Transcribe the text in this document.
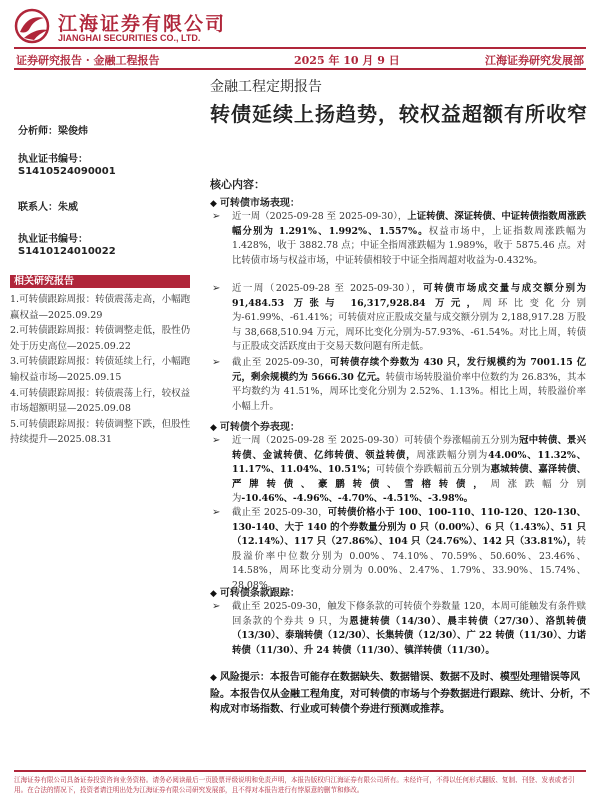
江海证券有限公司
JIANGHAI SECURITIES CO., LTD.
证券研究报告 · 金融工程报告	2025 年 10 月 9 日	江海证券研究发展部
金融工程定期报告
转债延续上扬趋势，较权益超额有所收窄
分析师：梁俊炜
执业证书编号：
S1410524090001
联系人：朱威
执业证书编号：
S1410124010022
相关研究报告

1.可转债跟踪周报：转债震荡走高，小幅跑赢权益—2025.09.29

2.可转债跟踪周报：转债调整走低，股性仍处于历史高位—2025.09.22

3.可转债跟踪周报：转债延续上行，小幅跑输权益市场—2025.09.15

4.可转债跟踪周报：转债震荡上行，较权益市场超额明显—2025.09.08

5.可转债跟踪周报：转债调整下跌，但股性持续提升—2025.08.31

核心内容：
◆ 可转债市场表现：
➢ 近一周（2025-09-28 至 2025-09-30），上证转债、深证转债、中证转债指数周涨跌幅分别为 1.291%、1.992%、1.557%。权益市场中，上证指数周涨跌幅为 1.428%，收于 3882.78 点；中证全指周涨跌幅为 1.989%，收于 5875.46 点。对比转债市场与权益市场，中证转债相较于中证全指周超对收益为-0.432%。
➢ 近一周（2025-09-28 至 2025-09-30），可转债市场成交量与成交额分别为 91,484.53 万张与 16,317,928.84 万元，周环比变化分别为-61.99%、-61.41%；可转债对应正股成交量与成交额分别为 2,188,917.28 万股与 38,668,510.94 万元，周环比变化分别为-57.93%、-61.54%。对比上周，转债与正股成交活跃度由于交易天数问题有所走低。
➢ 截止至 2025-09-30，可转债存续个券数为 430 只，发行规模约为 7001.15 亿元，剩余规模约为 5666.30 亿元。转债市场转股溢价率中位数约为 26.83%，其本平均数约为 41.51%，周环比变化分别为 2.52%、1.13%。相比上周，转股溢价率小幅上升。
◆ 可转债个券表现：
➢ 近一周（2025-09-28 至 2025-09-30）可转债个券涨幅前五分别为冠中转债、景兴转债、金诚转债、亿纬转债、领益转债，周涨跌幅分别为44.00%、11.32%、11.17%、11.04%、10.51%；可转债个券跌幅前五分别为惠城转债、嘉泽转债、严牌转债、豪鹏转债、雪榕转债，周涨跌幅分别为-10.46%、-4.96%、-4.70%、-4.51%、-3.98%。
➢ 截止至 2025-09-30，可转债价格小于 100、100-110、110-120、120-130、130-140、大于 140 的个券数量分别为 0 只（0.00%）、6 只（1.43%）、51 只（12.14%）、117 只（27.86%）、104 只（24.76%）、142 只（33.81%），转股溢价率中位数分别为 0.00%、74.10%、70.59%、50.60%、23.46%、14.58%，周环比变动分别为 0.00%、2.47%、1.79%、33.90%、15.74%、28.08%。
◆ 可转债条款跟踪：
➢ 截止至 2025-09-30，触发下修条款的可转债个券数量 120，本周可能触发有条件赎回条款的个券共 9 只，为恩捷转债（14/30）、晨丰转债（27/30）、洛凯转债（13/30）、泰瑞转债（12/30）、长集转债（12/30）、广 22 转债（11/30）、力诺转债（11/30）、升 24 转债（11/30）、镇洋转债（11/30）。
◆ 风险提示：本报告可能存在数据缺失、数据错误、数据不及时、模型处理错误等风险。本报告仅从金融工程角度，对可转债的市场与个券数据进行跟踪、统计、分析，不构成对市场指数、行业或可转债个券进行预测或推荐。
江海证券有限公司具备证券投资咨询业务资格。请务必阅读最后一页股票评级说明和免责声明，本报告版权归江海证券有限公司所有。未经许可，不得以任何形式翻版、复制、刊登、发表或者引用。在合法的情况下，投资者请注明出处为江海证券有限公司研究发展部，且不得对本报告进行有悖原意的删节和修改。
